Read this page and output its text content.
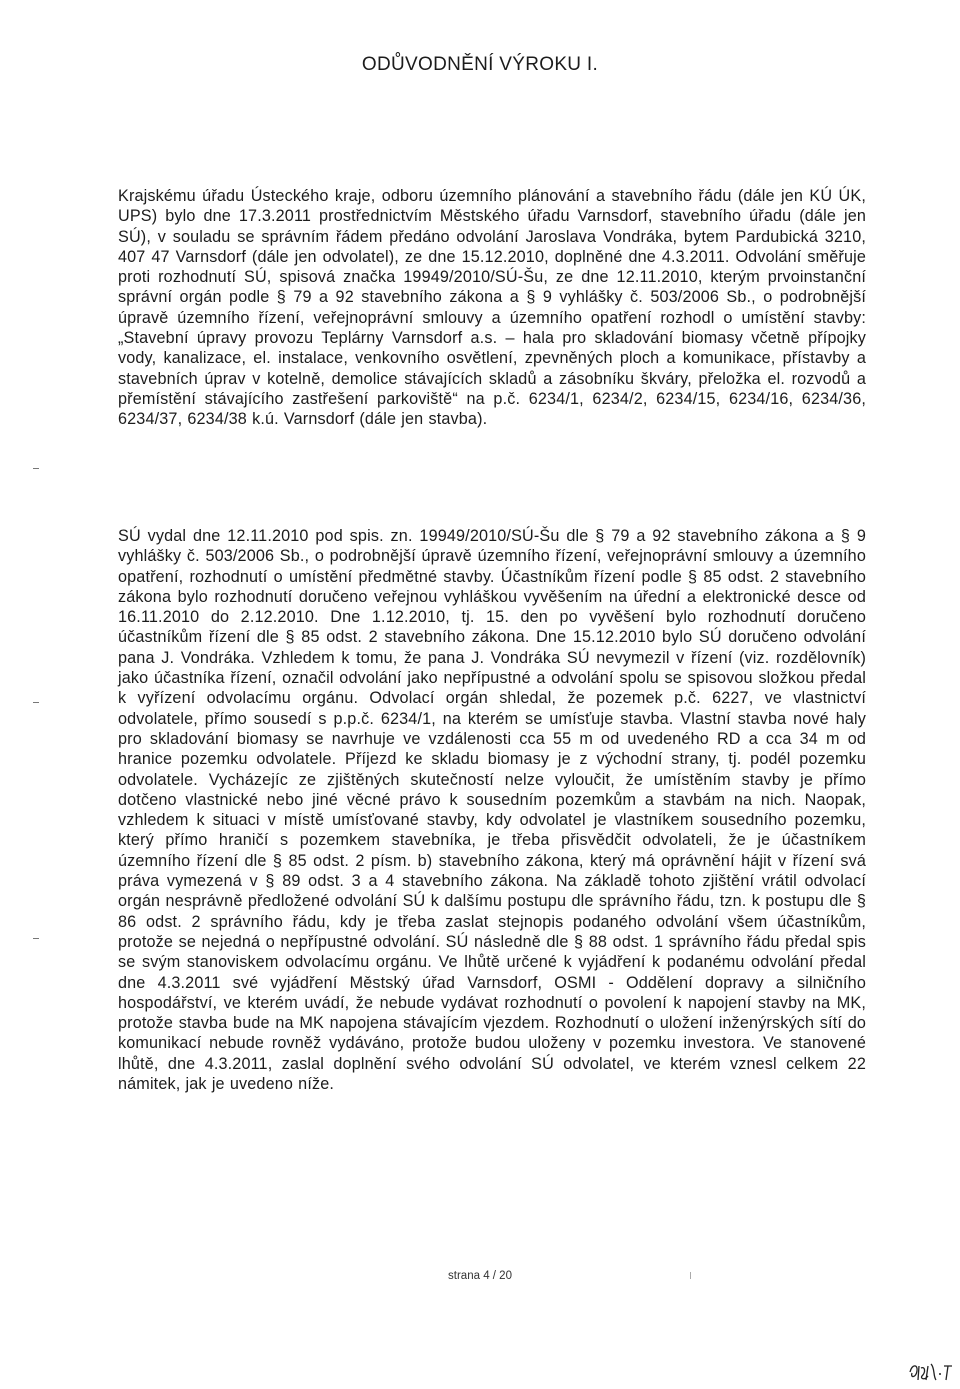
ODŮVODNĚNÍ VÝROKU I.

Krajskému úřadu Ústeckého kraje, odboru územního plánování a stavebního řádu (dále jen KÚ ÚK, UPS) bylo dne 17.3.2011 prostřednictvím Městského úřadu Varnsdorf, stavebního úřadu (dále jen SÚ), v souladu se správním řádem předáno odvolání Jaroslava Vondráka, bytem Pardubická 3210, 407 47 Varnsdorf (dále jen odvolatel), ze dne 15.12.2010, doplněné dne 4.3.2011. Odvolání směřuje proti rozhodnutí SÚ, spisová značka 19949/2010/SÚ-Šu, ze dne 12.11.2010, kterým prvoinstanční správní orgán podle § 79 a 92 stavebního zákona a § 9 vyhlášky č. 503/2006 Sb., o podrobnější úpravě územního řízení, veřejnoprávní smlouvy a územního opatření rozhodl o umístění stavby: „Stavební úpravy provozu Teplárny Varnsdorf a.s. – hala pro skladování biomasy včetně přípojky vody, kanalizace, el. instalace, venkovního osvětlení, zpevněných ploch a komunikace, přístavby a stavebních úprav v kotelně, demolice stávajících skladů a zásobníku škváry, přeložka el. rozvodů a přemístění stávajícího zastřešení parkoviště“ na p.č. 6234/1, 6234/2, 6234/15, 6234/16, 6234/36, 6234/37, 6234/38 k.ú. Varnsdorf (dále jen stavba).

SÚ vydal dne 12.11.2010 pod spis. zn. 19949/2010/SÚ-Šu dle § 79 a 92 stavebního zákona a § 9 vyhlášky č. 503/2006 Sb., o podrobnější úpravě územního řízení, veřejnoprávní smlouvy a územního opatření, rozhodnutí o umístění předmětné stavby. Účastníkům řízení podle § 85 odst. 2 stavebního zákona bylo rozhodnutí doručeno veřejnou vyhláškou vyvěšením na úřední a elektronické desce od 16.11.2010 do 2.12.2010. Dne 1.12.2010, tj. 15. den po vyvěšení bylo rozhodnutí doručeno účastníkům řízení dle § 85 odst. 2 stavebního zákona. Dne 15.12.2010 bylo SÚ doručeno odvolání pana J. Vondráka. Vzhledem k tomu, že pana J. Vondráka SÚ nevymezil v řízení (viz. rozdělovník) jako účastníka řízení, označil odvolání jako nepřípustné a odvolání spolu se spisovou složkou předal k vyřízení odvolacímu orgánu. Odvolací orgán shledal, že pozemek p.č. 6227, ve vlastnictví odvolatele, přímo sousedí s p.p.č. 6234/1, na kterém se umísťuje stavba. Vlastní stavba nové haly pro skladování biomasy se navrhuje ve vzdálenosti cca 55 m od uvedeného RD a cca 34 m od hranice pozemku odvolatele. Příjezd ke skladu biomasy je z východní strany, tj. podél pozemku odvolatele. Vycházejíc ze zjištěných skutečností nelze vyloučit, že umístěním stavby je přímo dotčeno vlastnické nebo jiné věcné právo k sousedním pozemkům a stavbám na nich. Naopak, vzhledem k situaci v místě umísťované stavby, kdy odvolatel je vlastníkem sousedního pozemku, který přímo hraničí s pozemkem stavebníka, je třeba přisvědčit odvolateli, že je účastníkem územního řízení dle § 85 odst. 2 písm. b) stavebního zákona, který má oprávnění hájit v řízení svá práva vymezená v § 89 odst. 3 a 4 stavebního zákona. Na základě tohoto zjištění vrátil odvolací orgán nesprávně předložené odvolání SÚ k dalšímu postupu dle správního řádu, tzn. k postupu dle § 86 odst. 2 správního řádu, kdy je třeba zaslat stejnopis podaného odvolání všem účastníkům, protože se nejedná o nepřípustné odvolání. SÚ následně dle § 88 odst. 1 správního řádu předal spis se svým stanoviskem odvolacímu orgánu. Ve lhůtě určené k vyjádření k podanému odvolání předal dne 4.3.2011 své vyjádření Městský úřad Varnsdorf, OSMI - Oddělení dopravy a silničního hospodářství, ve kterém uvádí, že nebude vydávat rozhodnutí o povolení k napojení stavby na MK, protože stavba bude na MK napojena stávajícím vjezdem. Rozhodnutí o uložení inženýrských sítí do komunikací nebude rovněž vydáváno, protože budou uloženy v pozemku investora. Ve stanovené lhůtě, dne 4.3.2011, zaslal doplnění svého odvolání SÚ odvolatel, ve kterém vznesl celkem 22 námitek, jak je uvedeno níže.

strana 4 / 20
